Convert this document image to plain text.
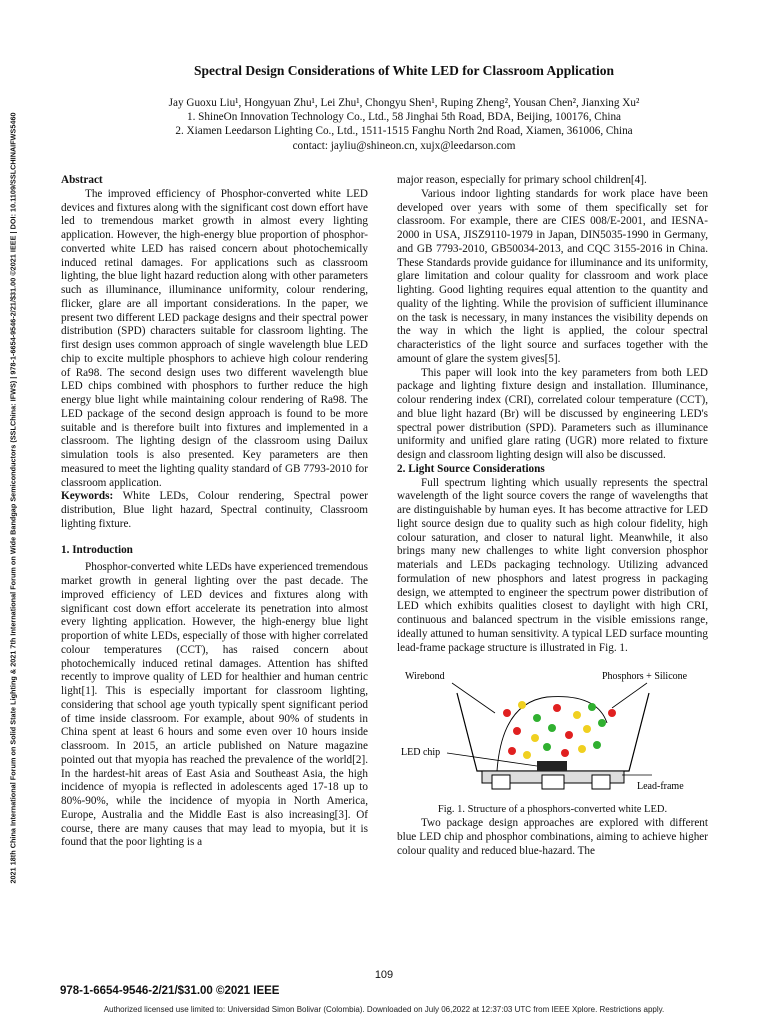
2021 18th China International Forum on Solid State Lighting & 2021 7th International Forum on Wide Bandgap Semiconductors (SSLChina: IFWS) | 978-1-6654-9546-2/21/$31.00 ©2021 IEEE | DOI: 10.1109/SSLCHINAIFWS5460
Spectral Design Considerations of White LED for Classroom Application
Jay Guoxu Liu¹, Hongyuan Zhu¹, Lei Zhu¹, Chongyu Shen¹, Ruping Zheng², Yousan Chen², Jianxing Xu²
1. ShineOn Innovation Technology Co., Ltd., 58 Jinghai 5th Road, BDA, Beijing, 100176, China
2. Xiamen Leedarson Lighting Co., Ltd., 1511-1515 Fanghu North 2nd Road, Xiamen, 361006, China
contact: jayliu@shineon.cn, xujx@leedarson.com
Abstract

The improved efficiency of Phosphor-converted white LED devices and fixtures along with the significant cost down effort have led to tremendous market growth in almost every lighting application. However, the high-energy blue proportion of phosphor-converted white LED has raised concern about photochemically induced retinal damages. For applications such as classroom lighting, the blue light hazard reduction along with other parameters such as illuminance, illuminance uniformity, colour rendering, flicker, glare are all important considerations. In the paper, we present two different LED package designs and their spectral power distribution (SPD) characters suitable for classroom lighting. The first design uses common approach of single wavelength blue LED chip to excite multiple phosphors to achieve high colour rendering of Ra98. The second design uses two different wavelength blue LED chips combined with phosphors to further reduce the high energy blue light while maintaining colour rendering of Ra98. The LED package of the second design approach is found to be more suitable and is therefore built into fixtures and implemented in a classroom. The lighting design of the classroom using Dailux simulation tools is also presented. Key parameters are then measured to meet the lighting quality standard of GB 7793-2010 for classroom application.

Keywords: White LEDs, Colour rendering, Spectral power distribution, Blue light hazard, Spectral continuity, Classroom lighting fixture.

1. Introduction

Phosphor-converted white LEDs have experienced tremendous market growth in general lighting over the past decade. The improved efficiency of LED devices and fixtures along with significant cost down effort accelerate its penetration into almost every lighting application. However, the high-energy blue light proportion of white LEDs, especially of those with higher correlated colour temperatures (CCT), has raised concern about photochemically induced retinal damages. Attention has shifted recently to improve quality of LED for healthier and human centric light[1]. This is especially important for classroom lighting, considering that school age youth typically spent significant period of time inside classroom. For example, about 90% of students in China spent at least 6 hours and some even over 10 hours inside classroom. In 2015, an article published on Nature magazine pointed out that myopia has reached the prevalence of the world[2]. In the hardest-hit areas of East Asia and Southeast Asia, the high incidence of myopia is reflected in adolescents aged 17-18 up to 80%-90%, while the incidence of myopia in North America, Europe, Australia and the Middle East is also increasing[3]. Of course, there are many causes that may lead to myopia, but it is found that the poor lighting is a

major reason, especially for primary school children[4].

Various indoor lighting standards for work place have been developed over years with some of them specifically set for classroom. For example, there are CIES 008/E-2001, and IESNA-2000 in USA, JISZ9110-1979 in Japan, DIN5035-1990 in Germany, and GB 7793-2010, GB50034-2013, and CQC 3155-2016 in China. These Standards provide guidance for illuminance and its uniformity, glare limitation and colour quality for classroom and work place lighting. Good lighting requires equal attention to the quantity and quality of the lighting. While the provision of sufficient illuminance on the task is necessary, in many instances the visibility depends on the way in which the light is applied, the colour spectral characteristics of the light source and surfaces together with the amount of glare the system gives[5].

This paper will look into the key parameters from both LED package and lighting fixture design and installation. Illuminance, colour rendering index (CRI), correlated colour temperature (CCT), and blue light hazard (Br) will be discussed by engineering LED's spectral power distribution (SPD). Parameters such as illuminance uniformity and unified glare rating (UGR) more related to fixture design and classroom lighting design will also be discussed.

2. Light Source Considerations

Full spectrum lighting which usually represents the spectral wavelength of the light source covers the range of wavelengths that are distinguishable by human eyes. It has become attractive for LED light source design due to quality such as high colour fidelity, high colour saturation, and closer to natural light. Meanwhile, it also brings many new challenges to white light conversion phosphor materials and LEDs packaging technology. Utilizing advanced formulation of new phosphors and latest progress in packaging design, we attempted to engineer the spectrum power distribution of LED which exhibits qualities closest to daylight with high CRI, continuous and balanced spectrum in the visible emissions range, ideally attuned to human sensitivity. A typical LED surface mounting lead-frame package structure is illustrated in Fig. 1.

Wirebond	Phosphors + Silicone
LED chip
Lead-frame

Fig. 1. Structure of a phosphors-converted white LED.

Two package design approaches are explored with different blue LED chip and phosphor combinations, aiming to achieve higher colour quality and reduced blue-hazard. The

109
978-1-6654-9546-2/21/$31.00 ©2021 IEEE
Authorized licensed use limited to: Universidad Simon Bolivar (Colombia). Downloaded on July 06,2022 at 12:37:03 UTC from IEEE Xplore. Restrictions apply.
